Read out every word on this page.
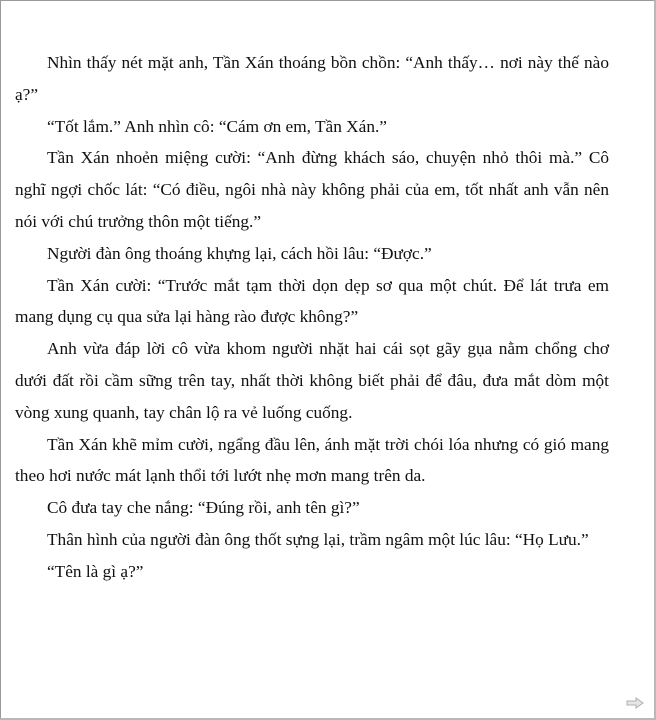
Nhìn thấy nét mặt anh, Tần Xán thoáng bồn chồn: “Anh thấy… nơi này thế nào ạ?”

“Tốt lắm.” Anh nhìn cô: “Cám ơn em, Tần Xán.”

Tần Xán nhoẻn miệng cười: “Anh đừng khách sáo, chuyện nhỏ thôi mà.” Cô nghĩ ngợi chốc lát: “Có điều, ngôi nhà này không phải của em, tốt nhất anh vẫn nên nói với chú trưởng thôn một tiếng.”

Người đàn ông thoáng khựng lại, cách hồi lâu: “Được.”

Tần Xán cười: “Trước mắt tạm thời dọn dẹp sơ qua một chút. Để lát trưa em mang dụng cụ qua sửa lại hàng rào được không?”

Anh vừa đáp lời cô vừa khom người nhặt hai cái sọt gãy gụa nằm chổng chơ dưới đất rồi cầm sững trên tay, nhất thời không biết phải để đâu, đưa mắt dòm một vòng xung quanh, tay chân lộ ra vẻ luống cuống.

Tần Xán khẽ mỉm cười, ngẩng đầu lên, ánh mặt trời chói lóa nhưng có gió mang theo hơi nước mát lạnh thổi tới lướt nhẹ mơn mang trên da.

Cô đưa tay che nắng: “Đúng rồi, anh tên gì?”

Thân hình của người đàn ông thốt sựng lại, trầm ngâm một lúc lâu: “Họ Lưu.”

“Tên là gì ạ?”
